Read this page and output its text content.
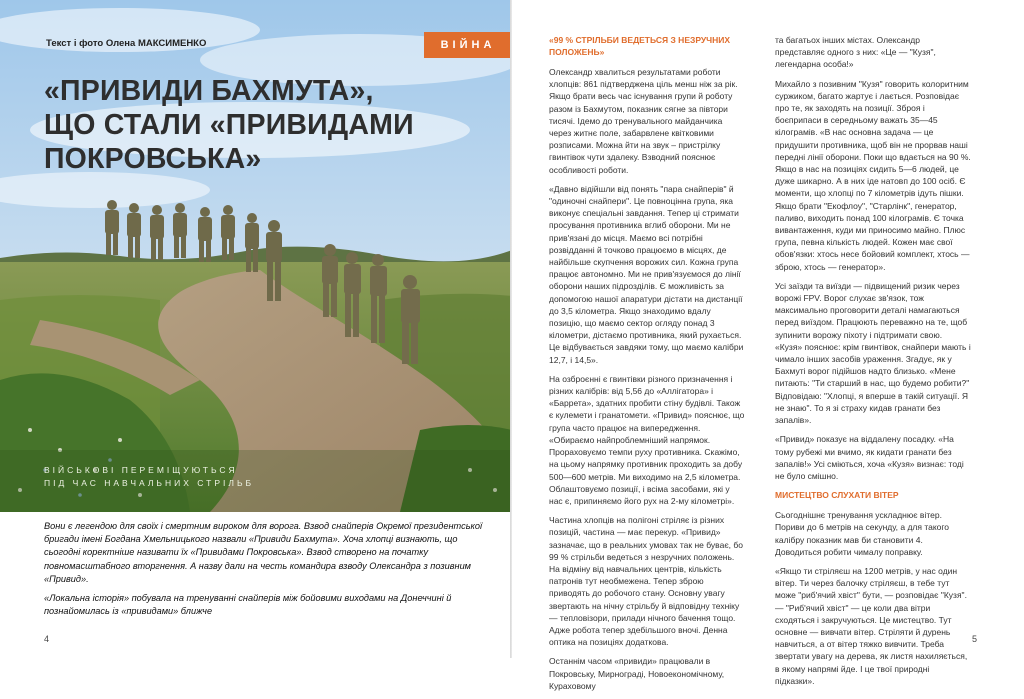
Текст і фото Олена МАКСИМЕНКО	ВІЙНА
«ПРИВИДИ БАХМУТА»,
ЩО СТАЛИ «ПРИВИДАМИ
ПОКРОВСЬКА»
ВІЙСЬКОВІ ПЕРЕМІЩУЮТЬСЯ
ПІД ЧАС НАВЧАЛЬНИХ СТРІЛЬБ

Вони є легендою для своїх і смертним вироком для ворога. Взвод снайперів Окремої президентської бригади імені Богдана Хмельницького назвали «Привиди Бахмута». Хоча хлопці визнають, що сьогодні коректніше називати їх «Привидами Покровська». Взвод створено на початку повномасштабного вторгнення. А назву дали на честь командира взводу Олександра з позивним «Привид».

«Локальна історія» побувала на тренуванні снайперів між бойовими виходами на Донеччині й познайомилась із «привидами» ближче

4
«99 % СТРІЛЬБИ ВЕДЕТЬСЯ З НЕЗРУЧНИХ ПОЛОЖЕНЬ»

Олександр хвалиться результатами роботи хлопців: 861 підтверджена ціль менш ніж за рік. Якщо брати весь час існування групи й роботу разом із Бахмутом, показник сягне за півтори тисячі. Ідемо до тренувального майданчика через житнє поле, забарвлене квітковими розписами. Можна йти на звук – пристрілку гвинтівок чути здалеку. Взводний пояснює особливості роботи.

«Давно відійшли від понять "пара снайперів" й "одиночні снайпери". Це повноцінна група, яка виконує спеціальні завдання. Тепер ці стримати просування противника вглиб оборони. Ми не прив'язані до місця. Маємо всі потрібні розвідданні й точково працюємо в місцях, де найбільше скупчення ворожих сил. Кожна група працює автономно. Ми не прив'язуємося до лінії оборони наших підрозділів. Є можливість за допомогою нашої апаратури дістати на дистанції до 3,5 кілометра. Якщо знаходимо вдалу позицію, що маємо сектор огляду понад 3 кілометри, дістаємо противника, який рухається. Це відбувається завдяки тому, що маємо калібри 12,7, і 14,5».

На озброєнні є гвинтівки різного призначення і різних калібрів: від 5,56 до «Аллігатора» і «Баррета», здатних пробити стіну будівлі. Також є кулемети і гранатомети. «Привид» пояснює, що група часто працює на випередження. «Обираємо найпроблемніший напрямок. Прораховуємо темпи руху противника. Скажімо, на цьому напрямку противник проходить за добу 500—600 метрів. Ми виходимо на 2,5 кілометра. Облаштовуємо позиції, і всіма засобами, які у нас є, припиняємо його рух на 2-му кілометрі».

Частина хлопців на полігоні стріляє із різних позицій, частина — має перекур. «Привид» зазначає, що в реальних умовах так не буває, бо 99 % стрільби ведеться з незручних положень. На відміну від навчальних центрів, кількість патронів тут необмежена. Тепер зброю приводять до робочого стану. Основну увагу звертають на нічну стрільбу й відповідну техніку — тепловізори, прилади нічного бачення тощо. Адже робота тепер здебільшого вночі. Денна оптика на позиціях додаткова.

Останнім часом «привиди» працювали в Покровську, Мирнограді, Новоекономічному, Кураховому

та багатьох інших містах. Олександр представляє одного з них: «Це — "Кузя", легендарна особа!»

Михайло з позивним "Кузя" говорить колоритним суржиком, багато жартує і лається. Розповідає про те, як заходять на позиції. Зброя і боєприпаси в середньому важать 35—45 кілограмів. «В нас основна задача — це придушити противника, щоб він не прорвав наші передні лінії оборони. Поки що вдається на 90 %. Якщо в нас на позиціях сидить 5—6 людей, це дуже шикарно. А в них іде натовп до 100 осіб. Є моменти, що хлопці по 7 кілометрів ідуть пішки. Якщо брати "Екофлоу", "Старлінк", генератор, паливо, виходить понад 100 кілограмів. Є точка вивантаження, куди ми приносимо майно. Плюс група, певна кількість людей. Кожен має свої обов'язки: хтось несе бойовий комплект, хтось — зброю, хтось — генератор».

Усі заїзди та виїзди — підвищений ризик через ворожі FPV. Ворог слухає зв'язок, тож максимально проговорити деталі намагаються перед виїздом. Працюють переважно на те, щоб зупинити ворожу піхоту і підтримати свою. «Кузя» пояснює: крім гвинтівок, снайпери мають і чимало інших засобів ураження. Згадує, як у Бахмуті ворог підійшов надто близько. «Мене питають: "Ти старший в нас, що будемо робити?" Відповідаю: "Хлопці, я вперше в такій ситуації. Я не знаю". То я зі страху кидав гранати без запалів».

«Привид» показує на віддалену посадку. «На тому рубежі ми вчимо, як кидати гранати без запалів!» Усі сміються, хоча «Кузя» визнає: тоді не було смішно.

МИСТЕЦТВО СЛУХАТИ ВІТЕР

Сьогоднішнє тренування ускладнює вітер. Пориви до 6 метрів на секунду, а для такого калібру показник мав би становити 4. Доводиться робити чималу поправку.

«Якщо ти стріляєш на 1200 метрів, у нас один вітер. Ти через балочку стріляєш, в тебе тут може "риб'ячий хвіст" бути, — розповідає "Кузя". — "Риб'ячий хвіст" — це коли два вітри сходяться і закручуються. Це мистецтво. Тут основне — вивчати вітер. Стріляти й дурень навчиться, а от вітер тяжко вивчити. Треба звертати увагу на дерева, як листя нахиляється, в якому напрямі йде. І це твої природні підказки».

5
